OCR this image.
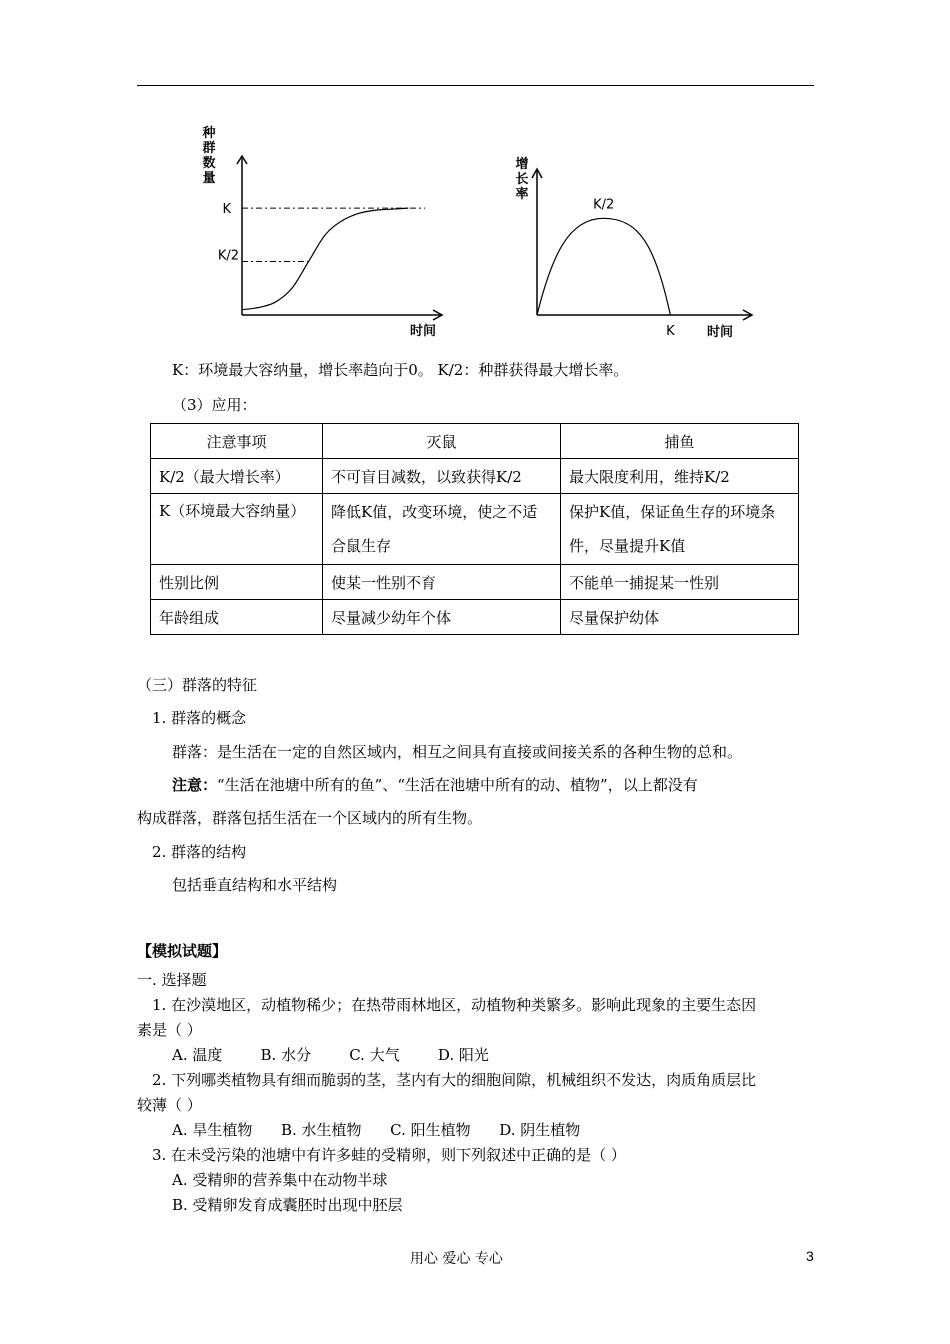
种
群
数
量
K
K/2
时间
增
长
率
K/2
K 时间
K：环境最大容纳量，增长率趋向于0。 K/2：种群获得最大增长率。
（3）应用：
注意事项	灭鼠	捕鱼
K/2（最大增长率）	不可盲目减数，以致获得K/2	最大限度利用，维持K/2
K（环境最大容纳量）	降低K值，改变环境，使之不适合鼠生存	保护K值，保证鱼生存的环境条件，尽量提升K值
性别比例	使某一性别不育	不能单一捕捉某一性别
年龄组成	尽量减少幼年个体	尽量保护幼体
（三）群落的特征
1. 群落的概念
群落：是生活在一定的自然区域内，相互之间具有直接或间接关系的各种生物的总和。
注意：“生活在池塘中所有的鱼”、“生活在池塘中所有的动、植物”，以上都没有
构成群落，群落包括生活在一个区域内的所有生物。
2. 群落的结构
包括垂直结构和水平结构
【模拟试题】
一. 选择题
1. 在沙漠地区，动植物稀少；在热带雨林地区，动植物种类繁多。影响此现象的主要生态因
素是（ ）
A. 温度        B. 水分        C. 大气        D. 阳光
2. 下列哪类植物具有细而脆弱的茎，茎内有大的细胞间隙，机械组织不发达，肉质角质层比
较薄（ ）
A. 旱生植物      B. 水生植物      C. 阳生植物      D. 阴生植物
3. 在未受污染的池塘中有许多蛙的受精卵，则下列叙述中正确的是（ ）
A. 受精卵的营养集中在动物半球
B. 受精卵发育成囊胚时出现中胚层
用心 爱心 专心	3
